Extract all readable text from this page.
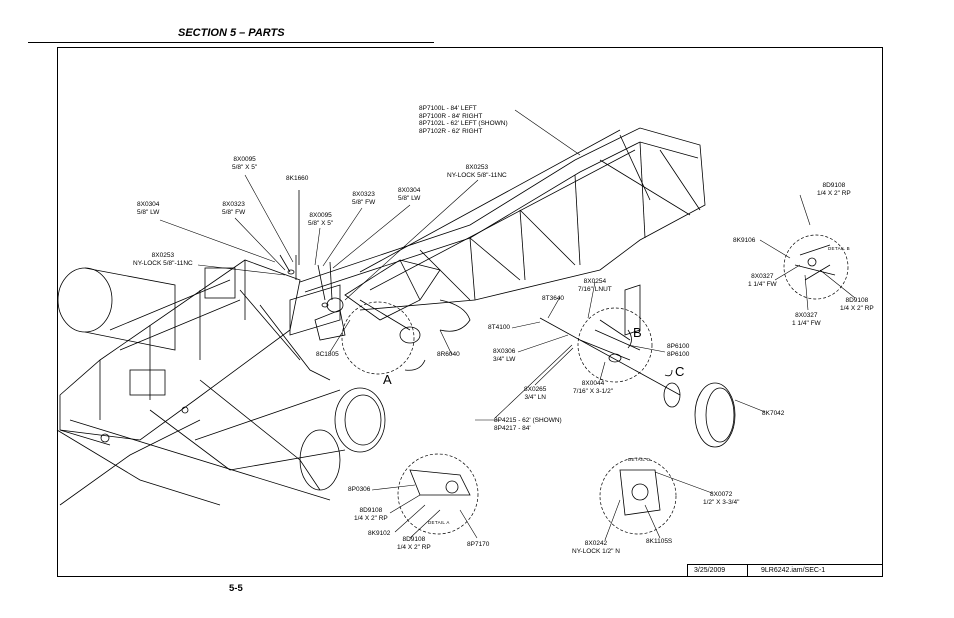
SECTION 5 – PARTS
8P7100L - 84' LEFT
8P7100R - 84' RIGHT
8P7102L - 62' LEFT (SHOWN)
8P7102R - 62' RIGHT
8X0095
5/8" X 5"
8K1660
8X0253
NY-LOCK 5/8"-11NC
8X0304
5/8" LW
8X0323
5/8" FW
8X0323
5/8" FW
8X0304
5/8" LW
8X0095
5/8" X 5"
8X0253
NY-LOCK 5/8"-11NC
8D9108
1/4 X 2" RP
8K9106
8X0327
1 1/4" FW
8X0327
1 1/4" FW
8D9108
1/4 X 2" RP
8X0254
7/16" LNUT
8T3640
8T4100
8C1805	8R6040	8X0306
3/4" LW
8P6100
8P6100
8X0044
7/16" X 3-1/2"
8X0265
3/4" LN
8K7042
8P4215 - 62' (SHOWN)
8P4217 - 84'
8P0306
8D9108
1/4 X 2" RP
8K9102
8D9108
1/4 X 2" RP	8P7170
8X0072
1/2" X 3-3/4"
8X0242
NY-LOCK 1/2" N
8K1105S
A
B
C
DETAIL A
DETAIL B
DETAIL C
3/25/2009	9LR6242.iam/SEC-1
5-5
